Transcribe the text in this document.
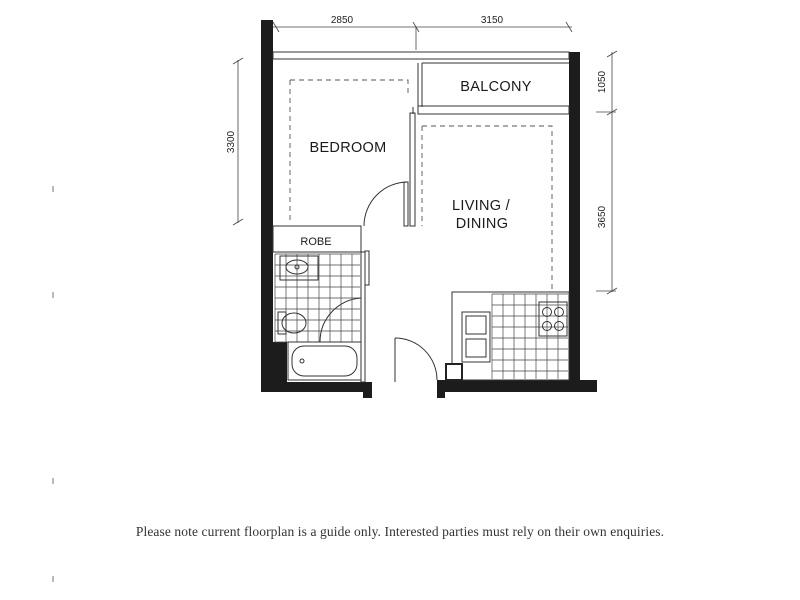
2850	3150
3300
1050
3650
BEDROOM
BALCONY
LIVING /
DINING
ROBE
Please note current floorplan is a guide only. Interested parties must rely on their own enquiries.
